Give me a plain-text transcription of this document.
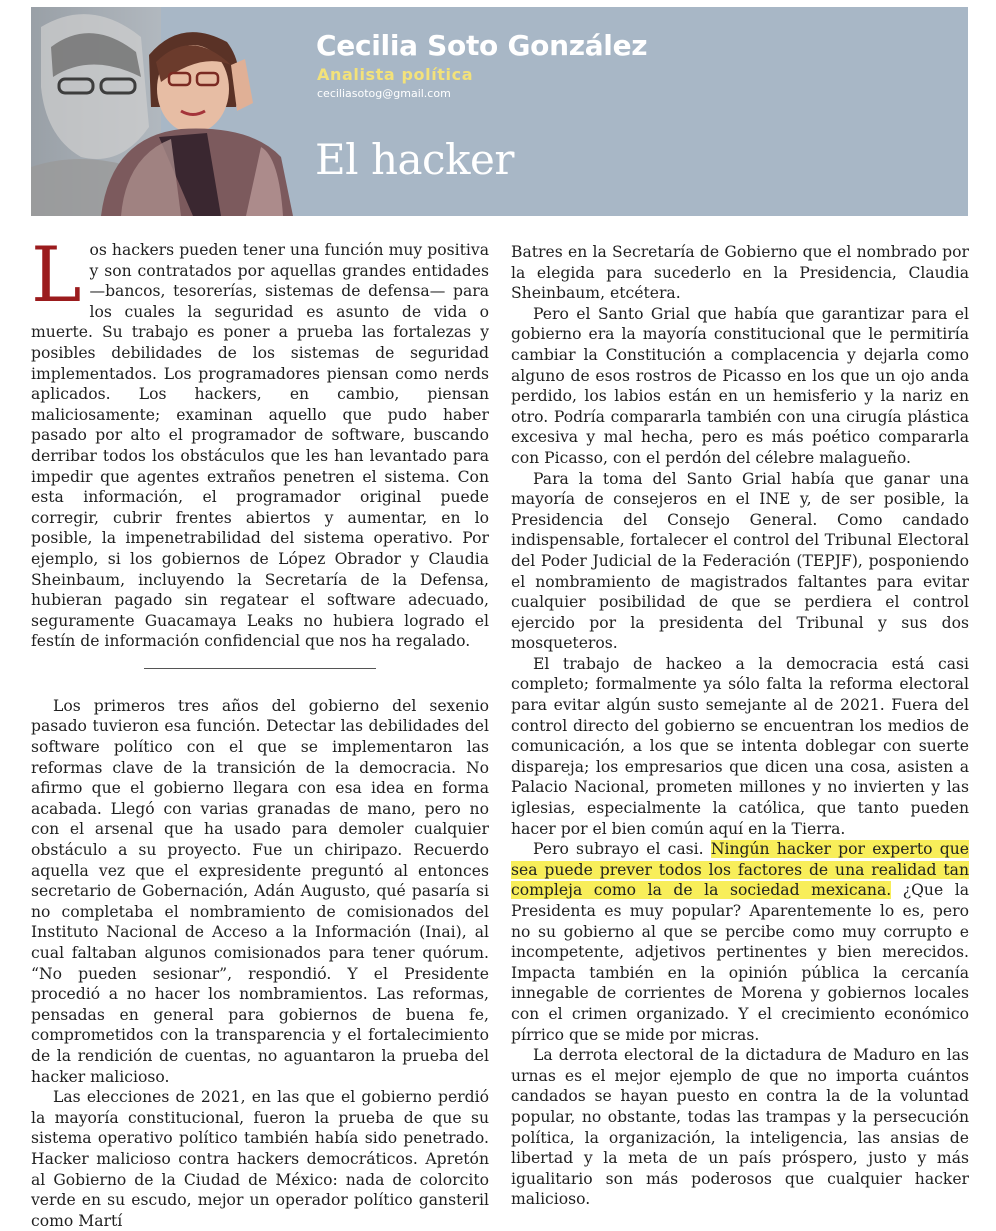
Cecilia Soto González
Analista política
ceciliasotog@gmail.com
El hacker

Los hackers pueden tener una función muy positiva y son contratados por aquellas grandes entidades —bancos, tesorerías, sistemas de defensa— para los cuales la seguridad es asunto de vida o muerte. Su trabajo es poner a prueba las fortalezas y posibles debilidades de los sistemas de seguridad implementados. Los programadores piensan como nerds aplicados. Los hackers, en cambio, piensan maliciosamente; examinan aquello que pudo haber pasado por alto el programador de software, buscando derribar todos los obstáculos que les han levantado para impedir que agentes extraños penetren el sistema. Con esta información, el programador original puede corregir, cubrir frentes abiertos y aumentar, en lo posible, la impenetrabilidad del sistema operativo. Por ejemplo, si los gobiernos de López Obrador y Claudia Sheinbaum, incluyendo la Secretaría de la Defensa, hubieran pagado sin regatear el software adecuado, seguramente Guacamaya Leaks no hubiera logrado el festín de información confidencial que nos ha regalado.

Los primeros tres años del gobierno del sexenio pasado tuvieron esa función. Detectar las debilidades del software político con el que se implementaron las reformas clave de la transición de la democracia. No afirmo que el gobierno llegara con esa idea en forma acabada. Llegó con varias granadas de mano, pero no con el arsenal que ha usado para demoler cualquier obstáculo a su proyecto. Fue un chiripazo. Recuerdo aquella vez que el expresidente preguntó al entonces secretario de Gobernación, Adán Augusto, qué pasaría si no completaba el nombramiento de comisionados del Instituto Nacional de Acceso a la Información (Inai), al cual faltaban algunos comisionados para tener quórum. “No pueden sesionar”, respondió. Y el Presidente procedió a no hacer los nombramientos. Las reformas, pensadas en general para gobiernos de buena fe, comprometidos con la transparencia y el fortalecimiento de la rendición de cuentas, no aguantaron la prueba del hacker malicioso.

Las elecciones de 2021, en las que el gobierno perdió la mayoría constitucional, fueron la prueba de que su sistema operativo político también había sido penetrado. Hacker malicioso contra hackers democráticos. Apretón al Gobierno de la Ciudad de México: nada de colorcito verde en su escudo, mejor un operador político gansteril como Martí

Batres en la Secretaría de Gobierno que el nombrado por la elegida para sucederlo en la Presidencia, Claudia Sheinbaum, etcétera.

Pero el Santo Grial que había que garantizar para el gobierno era la mayoría constitucional que le permitiría cambiar la Constitución a complacencia y dejarla como alguno de esos rostros de Picasso en los que un ojo anda perdido, los labios están en un hemisferio y la nariz en otro. Podría compararla también con una cirugía plástica excesiva y mal hecha, pero es más poético compararla con Picasso, con el perdón del célebre malagueño.

Para la toma del Santo Grial había que ganar una mayoría de consejeros en el INE y, de ser posible, la Presidencia del Consejo General. Como candado indispensable, fortalecer el control del Tribunal Electoral del Poder Judicial de la Federación (TEPJF), posponiendo el nombramiento de magistrados faltantes para evitar cualquier posibilidad de que se perdiera el control ejercido por la presidenta del Tribunal y sus dos mosqueteros.

El trabajo de hackeo a la democracia está casi completo; formalmente ya sólo falta la reforma electoral para evitar algún susto semejante al de 2021. Fuera del control directo del gobierno se encuentran los medios de comunicación, a los que se intenta doblegar con suerte dispareja; los empresarios que dicen una cosa, asisten a Palacio Nacional, prometen millones y no invierten y las iglesias, especialmente la católica, que tanto pueden hacer por el bien común aquí en la Tierra.

Pero subrayo el casi. Ningún hacker por experto que sea puede prever todos los factores de una realidad tan compleja como la de la sociedad mexicana. ¿Que la Presidenta es muy popular? Aparentemente lo es, pero no su gobierno al que se percibe como muy corrupto e incompetente, adjetivos pertinentes y bien merecidos. Impacta también en la opinión pública la cercanía innegable de corrientes de Morena y gobiernos locales con el crimen organizado. Y el crecimiento económico pírrico que se mide por micras.

La derrota electoral de la dictadura de Maduro en las urnas es el mejor ejemplo de que no importa cuántos candados se hayan puesto en contra la de la voluntad popular, no obstante, todas las trampas y la persecución política, la organización, la inteligencia, las ansias de libertad y la meta de un país próspero, justo y más igualitario son más poderosos que cualquier hacker malicioso.
